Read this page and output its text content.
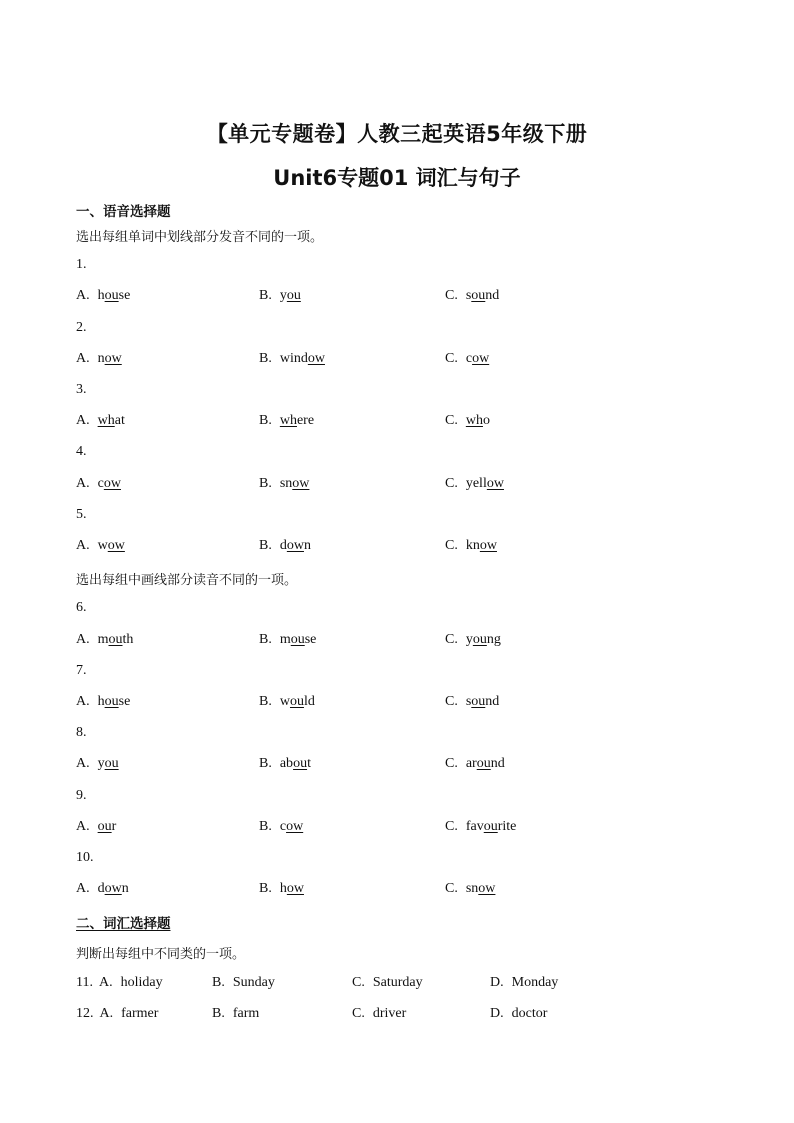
【单元专题卷】人教三起英语5年级下册
Unit6专题01 词汇与句子
一、语音选择题
选出每组单词中划线部分发音不同的一项。
1.
A. house	B. you	C. sound
2.
A. now	B. window	C. cow
3.
A. what	B. where	C. who
4.
A. cow	B. snow	C. yellow
5.
A. wow	B. down	C. know
选出每组中画线部分读音不同的一项。
6.
A. mouth	B. mouse	C. young
7.
A. house	B. would	C. sound
8.
A. you	B. about	C. around
9.
A. our	B. cow	C. favourite
10.
A. down	B. how	C. snow
二、词汇选择题
判断出每组中不同类的一项。
11. A. holiday	B. Sunday	C. Saturday	D. Monday
12. A. farmer	B. farm	C. driver	D. doctor
